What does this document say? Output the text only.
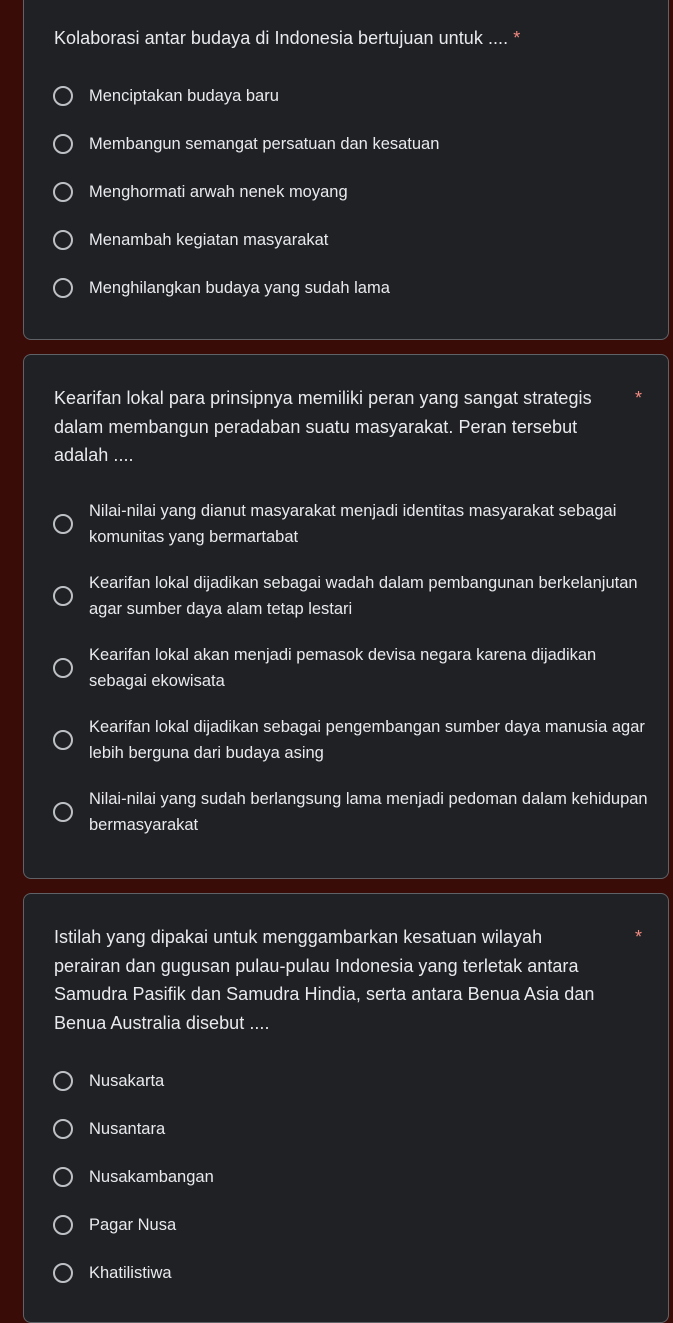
Kolaborasi antar budaya di Indonesia bertujuan untuk .... *
Menciptakan budaya baru
Membangun semangat persatuan dan kesatuan
Menghormati arwah nenek moyang
Menambah kegiatan masyarakat
Menghilangkan budaya yang sudah lama
Kearifan lokal para prinsipnya memiliki peran yang sangat strategis dalam membangun peradaban suatu masyarakat. Peran tersebut adalah ....
*
Nilai-nilai yang dianut masyarakat menjadi identitas masyarakat sebagai komunitas yang bermartabat
Kearifan lokal dijadikan sebagai wadah dalam pembangunan berkelanjutan agar sumber daya alam tetap lestari
Kearifan lokal akan menjadi pemasok devisa negara karena dijadikan sebagai ekowisata
Kearifan lokal dijadikan sebagai pengembangan sumber daya manusia agar lebih berguna dari budaya asing
Nilai-nilai yang sudah berlangsung lama menjadi pedoman dalam kehidupan bermasyarakat
Istilah yang dipakai untuk menggambarkan kesatuan wilayah perairan dan gugusan pulau-pulau Indonesia yang terletak antara Samudra Pasifik dan Samudra Hindia, serta antara Benua Asia dan Benua Australia disebut ....
*
Nusakarta
Nusantara
Nusakambangan
Pagar Nusa
Khatilistiwa
